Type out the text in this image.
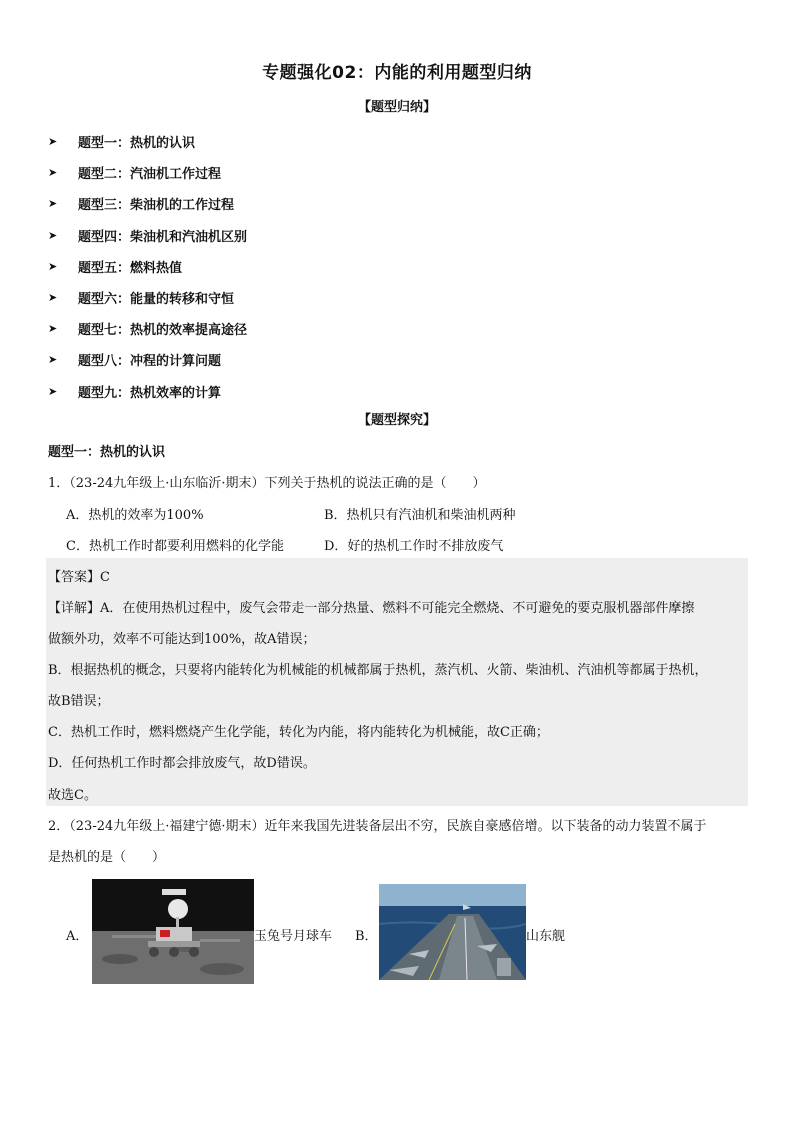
专题强化02：内能的利用题型归纳
【题型归纳】
➤	题型一：热机的认识
➤	题型二：汽油机工作过程
➤	题型三：柴油机的工作过程
➤	题型四：柴油机和汽油机区别
➤	题型五：燃料热值
➤	题型六：能量的转移和守恒
➤	题型七：热机的效率提高途径
➤	题型八：冲程的计算问题
➤	题型九：热机效率的计算
【题型探究】
题型一：热机的认识
1．（23-24九年级上·山东临沂·期末）下列关于热机的说法正确的是（　　）
A．热机的效率为100%	B．热机只有汽油机和柴油机两种
C．热机工作时都要利用燃料的化学能	D．好的热机工作时不排放废气
【答案】C
【详解】A．在使用热机过程中，废气会带走一部分热量、燃料不可能完全燃烧、不可避免的要克服机器部件摩擦
做额外功，效率不可能达到100%，故A错误；
B．根据热机的概念，只要将内能转化为机械能的机械都属于热机，蒸汽机、火箭、柴油机、汽油机等都属于热机，
故B错误；
C．热机工作时，燃料燃烧产生化学能，转化为内能，将内能转化为机械能，故C正确；
D．任何热机工作时都会排放废气，故D错误。
故选C。
2．（23-24九年级上·福建宁德·期末）近年来我国先进装备层出不穷，民族自豪感倍增。以下装备的动力装置不属于
是热机的是（　　）
A．	玉兔号月球车 B．	山东舰
